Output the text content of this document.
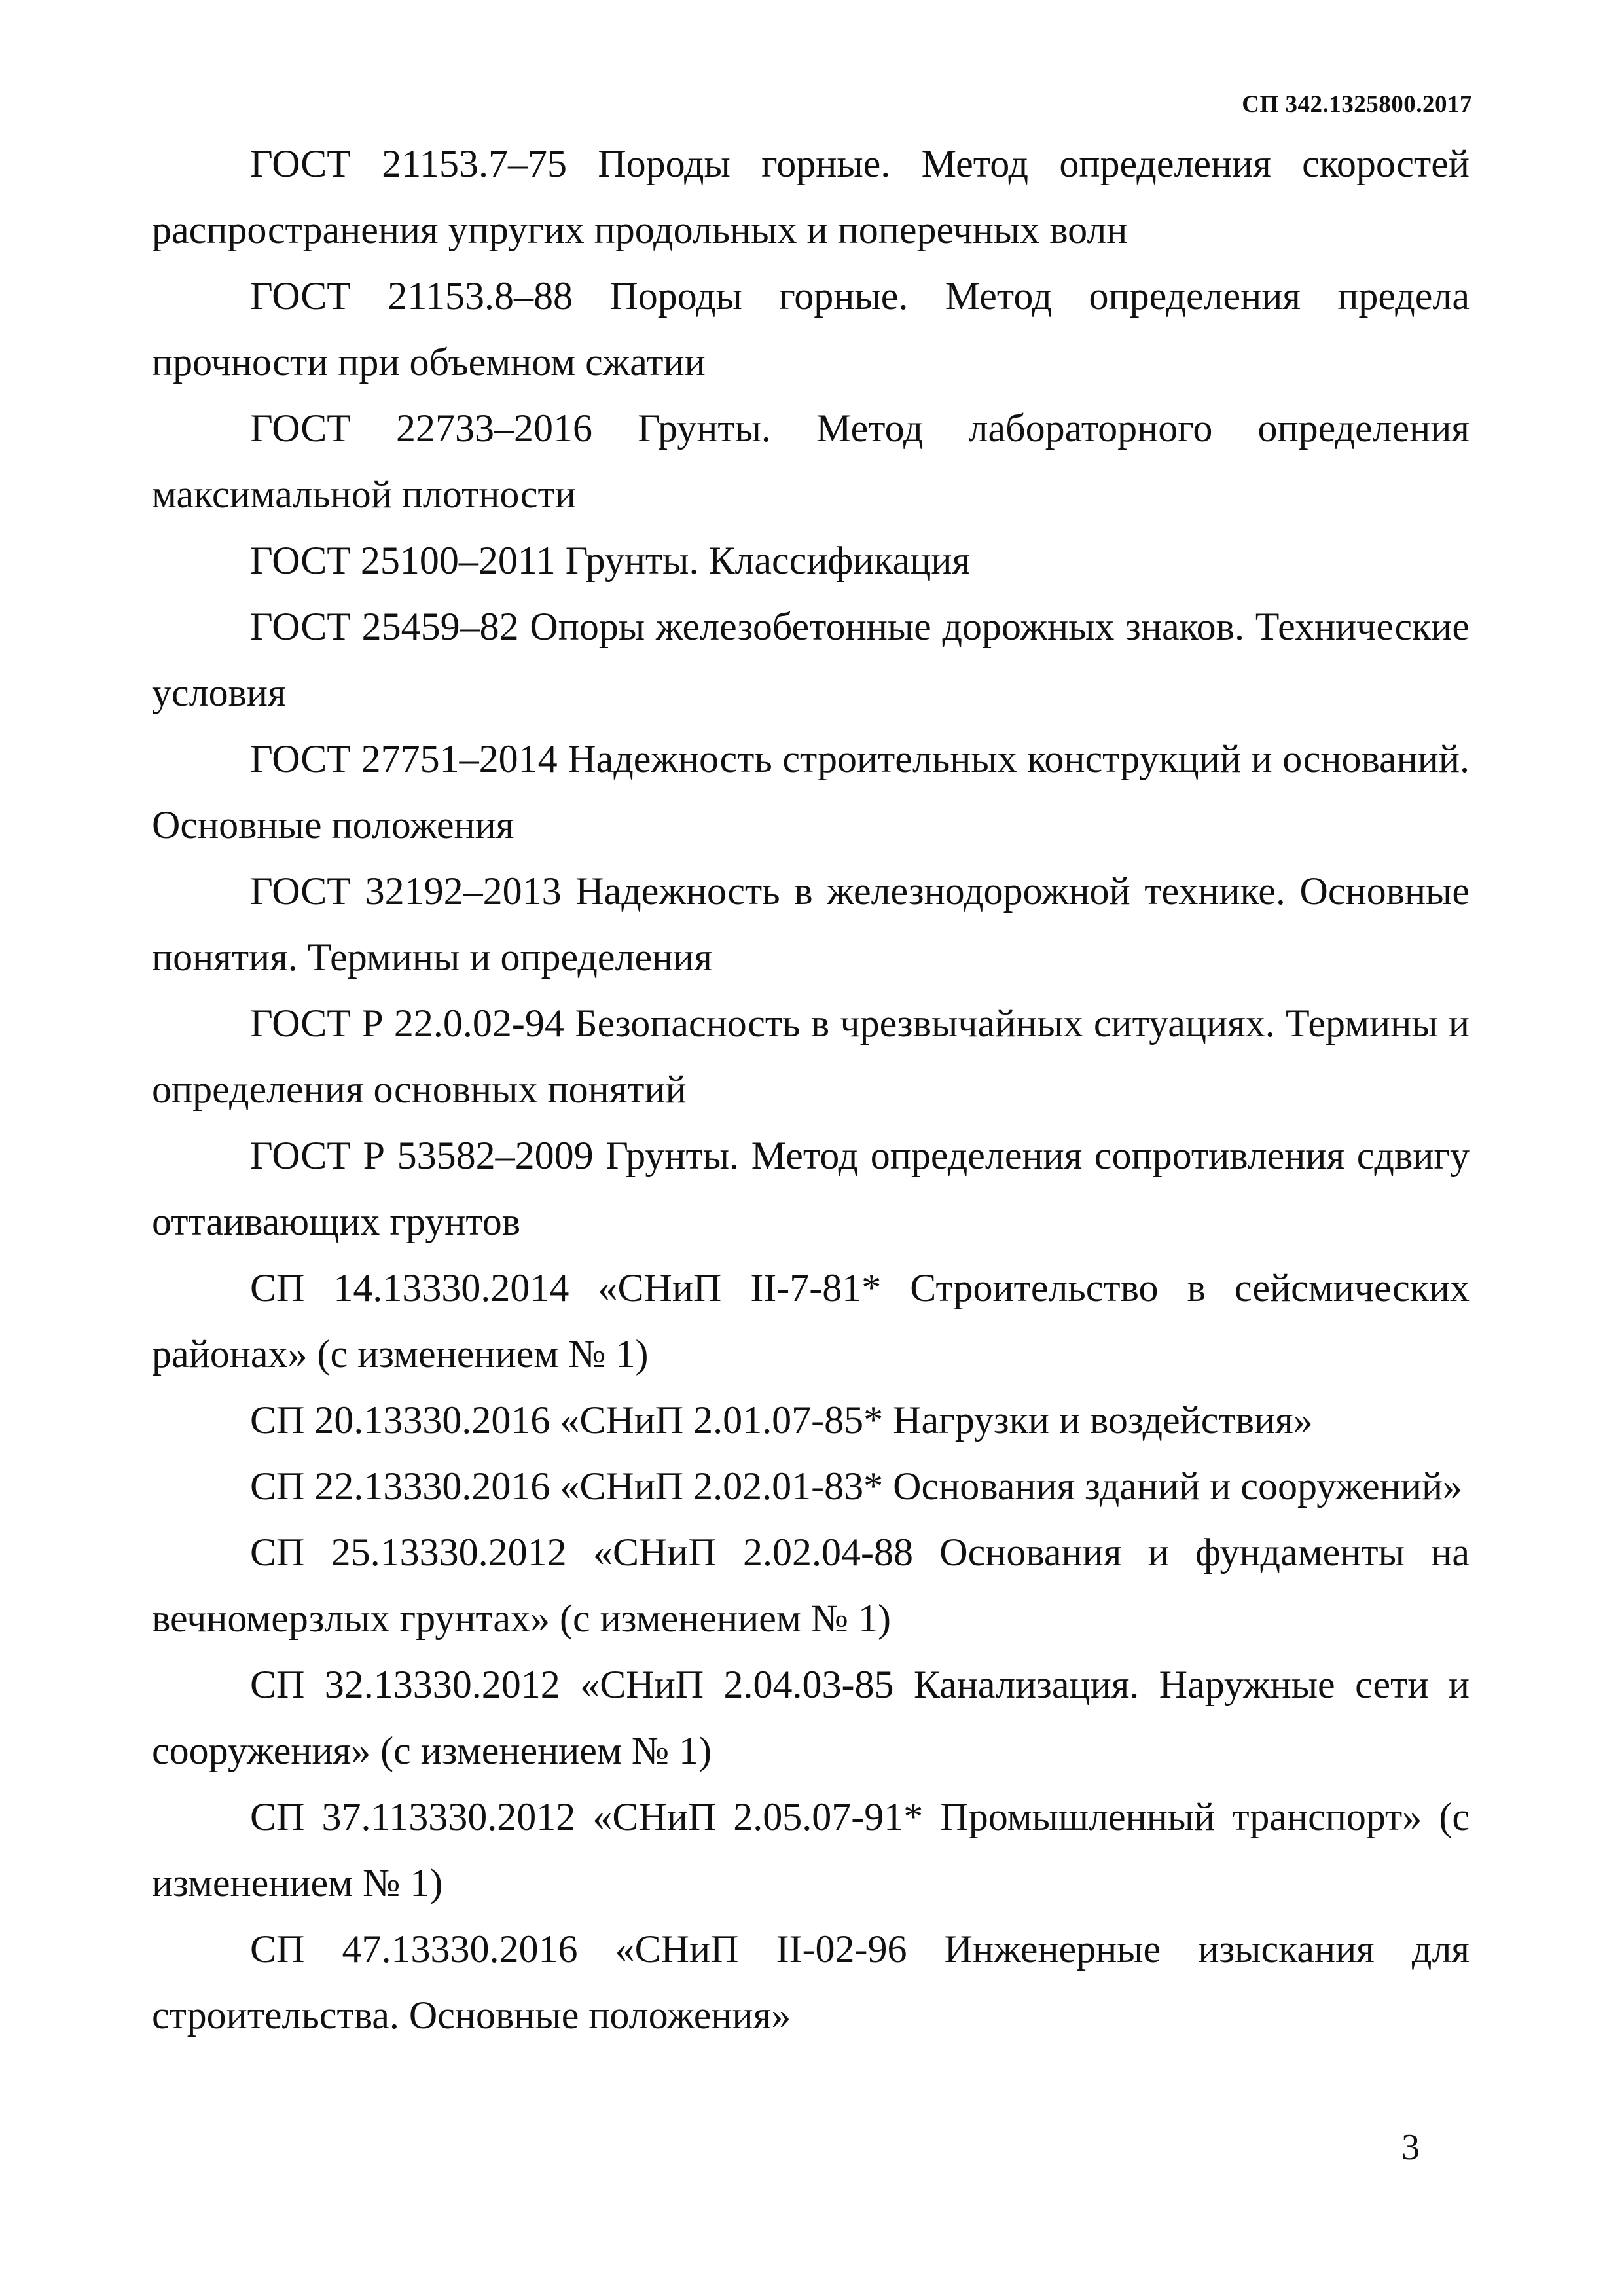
СП 342.1325800.2017

ГОСТ 21153.7–75 Породы горные. Метод определения скоростей распространения упругих продольных и поперечных волн

ГОСТ 21153.8–88 Породы горные. Метод определения предела прочности при объемном сжатии

ГОСТ 22733–2016 Грунты. Метод лабораторного определения максимальной плотности

ГОСТ 25100–2011 Грунты. Классификация

ГОСТ 25459–82 Опоры железобетонные дорожных знаков. Технические условия

ГОСТ 27751–2014 Надежность строительных конструкций и оснований. Основные положения

ГОСТ 32192–2013 Надежность в железнодорожной технике. Основные понятия. Термины и определения

ГОСТ Р 22.0.02-94 Безопасность в чрезвычайных ситуациях. Термины и определения основных понятий

ГОСТ Р 53582–2009 Грунты. Метод определения сопротивления сдвигу оттаивающих грунтов

СП 14.13330.2014 «СНиП II-7-81* Строительство в сейсмических районах» (с изменением № 1)

СП 20.13330.2016 «СНиП 2.01.07-85* Нагрузки и воздействия»

СП 22.13330.2016 «СНиП 2.02.01-83* Основания зданий и сооружений»

СП 25.13330.2012 «СНиП 2.02.04-88 Основания и фундаменты на вечномерзлых грунтах» (с изменением № 1)

СП 32.13330.2012 «СНиП 2.04.03-85 Канализация. Наружные сети и сооружения» (с изменением № 1)

СП 37.113330.2012 «СНиП 2.05.07-91* Промышленный транспорт» (с изменением № 1)

СП 47.13330.2016 «СНиП II-02-96 Инженерные изыскания для строительства. Основные положения»

3
